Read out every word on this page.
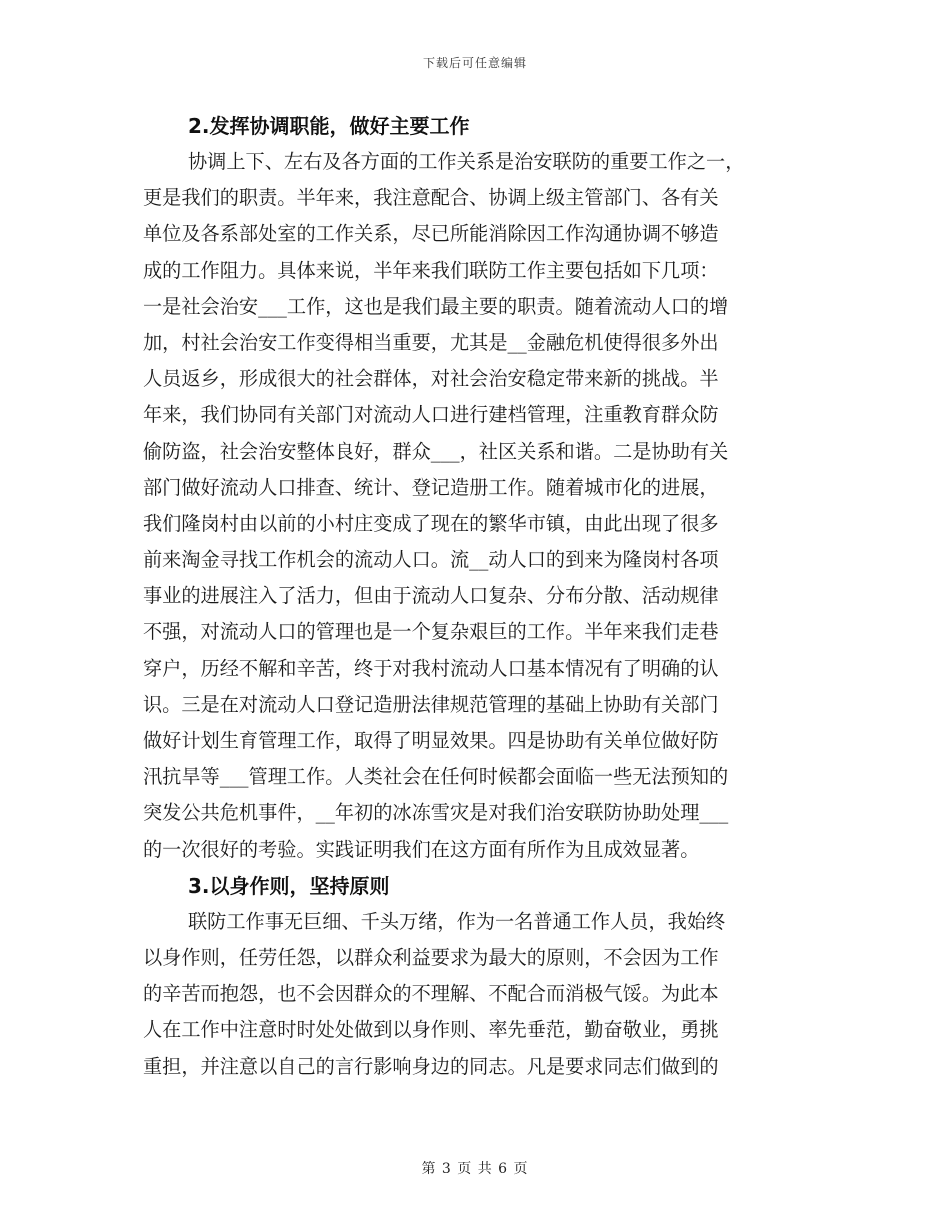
下载后可任意编辑
2.发挥协调职能，做好主要工作
协调上下、左右及各方面的工作关系是治安联防的重要工作之一，
更是我们的职责。半年来，我注意配合、协调上级主管部门、各有关
单位及各系部处室的工作关系，尽已所能消除因工作沟通协调不够造
成的工作阻力。具体来说，半年来我们联防工作主要包括如下几项：
一是社会治安___工作，这也是我们最主要的职责。随着流动人口的增
加，村社会治安工作变得相当重要，尤其是__金融危机使得很多外出
人员返乡，形成很大的社会群体，对社会治安稳定带来新的挑战。半
年来，我们协同有关部门对流动人口进行建档管理，注重教育群众防
偷防盗，社会治安整体良好，群众___，社区关系和谐。二是协助有关
部门做好流动人口排查、统计、登记造册工作。随着城市化的进展，
我们隆岗村由以前的小村庄变成了现在的繁华市镇，由此出现了很多
前来淘金寻找工作机会的流动人口。流__动人口的到来为隆岗村各项
事业的进展注入了活力，但由于流动人口复杂、分布分散、活动规律
不强，对流动人口的管理也是一个复杂艰巨的工作。半年来我们走巷
穿户，历经不解和辛苦，终于对我村流动人口基本情况有了明确的认
识。三是在对流动人口登记造册法律规范管理的基础上协助有关部门
做好计划生育管理工作，取得了明显效果。四是协助有关单位做好防
汛抗旱等___管理工作。人类社会在任何时候都会面临一些无法预知的
突发公共危机事件，__年初的冰冻雪灾是对我们治安联防协助处理___
的一次很好的考验。实践证明我们在这方面有所作为且成效显著。
3.以身作则，坚持原则
联防工作事无巨细、千头万绪，作为一名普通工作人员，我始终
以身作则，任劳任怨，以群众利益要求为最大的原则，不会因为工作
的辛苦而抱怨，也不会因群众的不理解、不配合而消极气馁。为此本
人在工作中注意时时处处做到以身作则、率先垂范，勤奋敬业，勇挑
重担，并注意以自己的言行影响身边的同志。凡是要求同志们做到的
第 3 页 共 6 页
